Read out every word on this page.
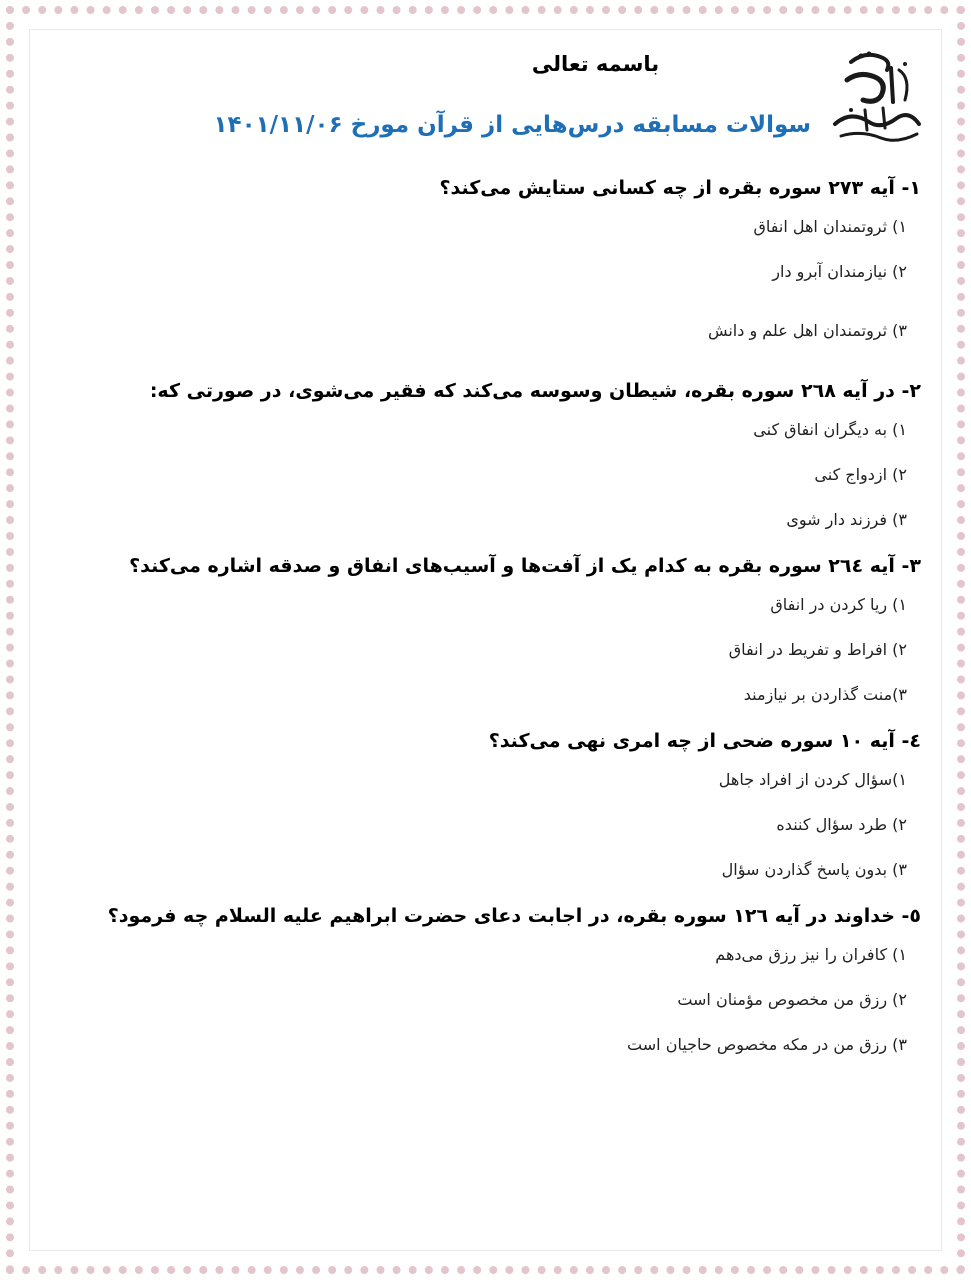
باسمه تعالی
سوالات مسابقه درس‌هایی از قرآن مورخ ۱۴۰۱/۱۱/۰۶
۱- آیه ۲۷۳ سوره بقره از چه کسانی ستایش می‌کند؟
۱) ثروتمندان اهل انفاق
۲) نیازمندان آبرو دار
۳) ثروتمندان اهل علم و دانش
۲- در آیه ٢٦٨ سوره بقره، شیطان وسوسه می‌کند که فقیر می‌شوی، در صورتی که:
۱) به دیگران انفاق کنی
۲) ازدواج کنی
۳) فرزند دار شوی
۳- آیه ٢٦٤ سوره بقره به کدام یک از آفت‌ها و آسیب‌های انفاق و صدقه اشاره می‌کند؟
۱) ریا کردن در انفاق
۲) افراط و تفریط در انفاق
۳)منت گذاردن بر نیازمند
٤- آیه ۱۰ سوره ضحی از چه امری نهی می‌کند؟
۱)سؤال کردن از افراد جاهل
۲) طرد سؤال کننده
۳) بدون پاسخ گذاردن سؤال
٥- خداوند در آیه ١٢٦ سوره بقره، در اجابت دعای حضرت ابراهیم علیه السلام چه فرمود؟
۱) کافران را نیز رزق می‌دهم
۲) رزق من مخصوص مؤمنان است
۳) رزق من در مکه مخصوص حاجیان است
